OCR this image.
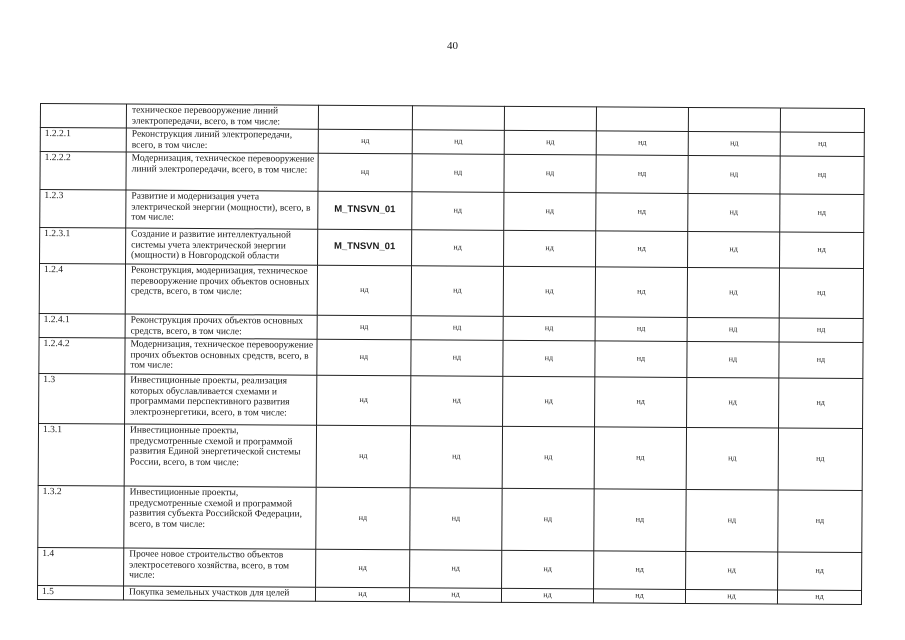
40
	техническое перевооружение линий электропередачи, всего, в том числе:						
1.2.2.1	Реконструкция линий электропередачи, всего, в том числе:	нд	нд	нд	нд	нд	нд
1.2.2.2	Модернизация, техническое перевооружение линий электропередачи, всего, в том числе:	нд	нд	нд	нд	нд	нд
1.2.3	Развитие и модернизация учета электрической энергии (мощности), всего, в том числе:	M_TNSVN_01	нд	нд	нд	нд	нд
1.2.3.1	Создание и развитие интеллектуальной системы учета электрической энергии (мощности) в Новгородской области	M_TNSVN_01	нд	нд	нд	нд	нд
1.2.4	Реконструкция, модернизация, техническое перевооружение прочих объектов основных средств, всего, в том числе:	нд	нд	нд	нд	нд	нд
1.2.4.1	Реконструкция прочих объектов основных средств, всего, в том числе:	нд	нд	нд	нд	нд	нд
1.2.4.2	Модернизация, техническое перевооружение прочих объектов основных средств, всего, в том числе:	нд	нд	нд	нд	нд	нд
1.3	Инвестиционные проекты, реализация которых обуславливается схемами и программами перспективного развития электроэнергетики, всего, в том числе:	нд	нд	нд	нд	нд	нд
1.3.1	Инвестиционные проекты, предусмотренные схемой и программой развития Единой энергетической системы России, всего, в том числе:	нд	нд	нд	нд	нд	нд
1.3.2	Инвестиционные проекты, предусмотренные схемой и программой развития субъекта Российской Федерации, всего, в том числе:	нд	нд	нд	нд	нд	нд
1.4	Прочее новое строительство объектов электросетевого хозяйства, всего, в том числе:	нд	нд	нд	нд	нд	нд
1.5	Покупка земельных участков для целей	нд	нд	нд	нд	нд	нд
